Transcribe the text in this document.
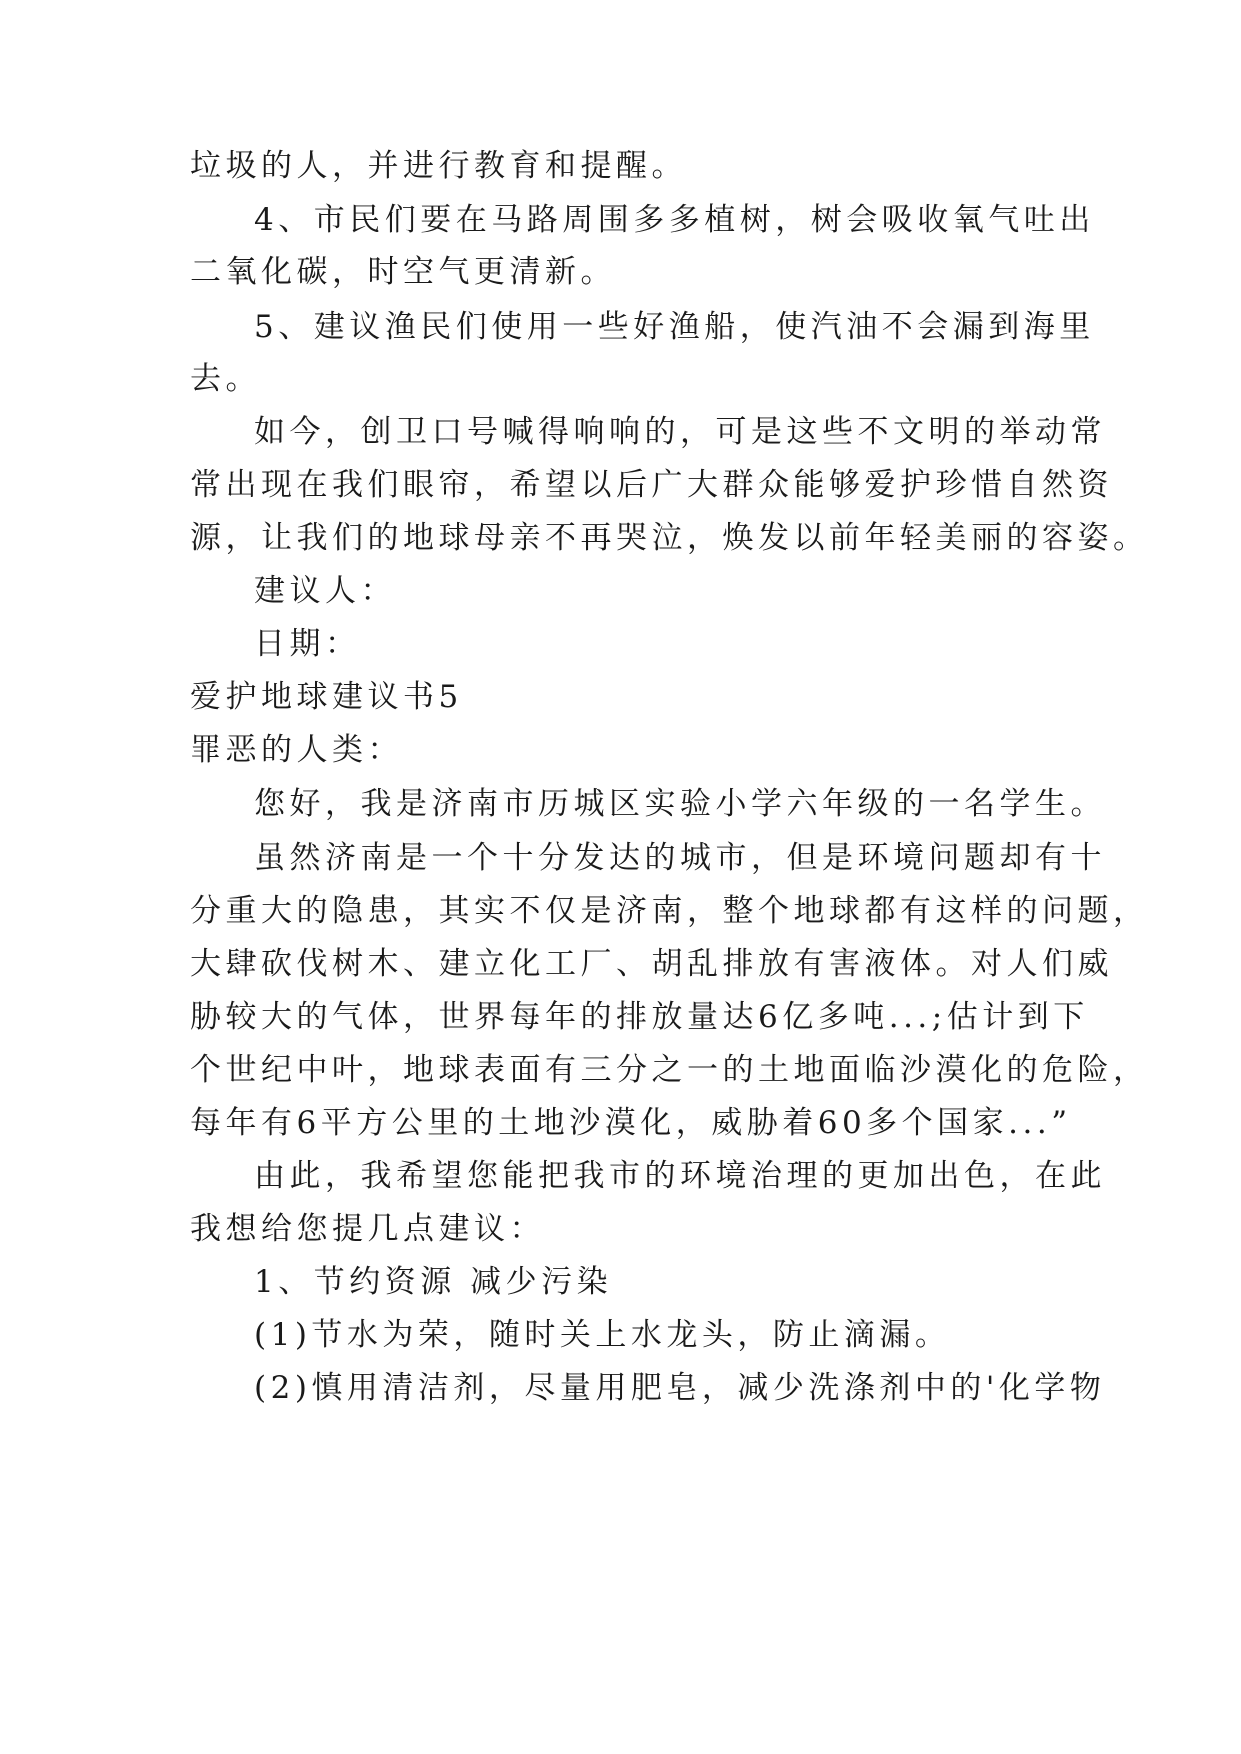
垃圾的人，并进行教育和提醒。
4、市民们要在马路周围多多植树，树会吸收氧气吐出
二氧化碳，时空气更清新。
5、建议渔民们使用一些好渔船，使汽油不会漏到海里
去。
如今，创卫口号喊得响响的，可是这些不文明的举动常
常出现在我们眼帘，希望以后广大群众能够爱护珍惜自然资
源，让我们的地球母亲不再哭泣，焕发以前年轻美丽的容姿。
建议人：
日期：
爱护地球建议书5
罪恶的人类：
您好，我是济南市历城区实验小学六年级的一名学生。
虽然济南是一个十分发达的城市，但是环境问题却有十
分重大的隐患，其实不仅是济南，整个地球都有这样的问题，
大肆砍伐树木、建立化工厂、胡乱排放有害液体。对人们威
胁较大的气体，世界每年的排放量达6亿多吨...;估计到下
个世纪中叶，地球表面有三分之一的土地面临沙漠化的危险，
每年有6平方公里的土地沙漠化，威胁着60多个国家...”
由此，我希望您能把我市的环境治理的更加出色，在此
我想给您提几点建议：
1、节约资源 减少污染
(1)节水为荣，随时关上水龙头，防止滴漏。
(2)慎用清洁剂，尽量用肥皂，减少洗涤剂中的'化学物
